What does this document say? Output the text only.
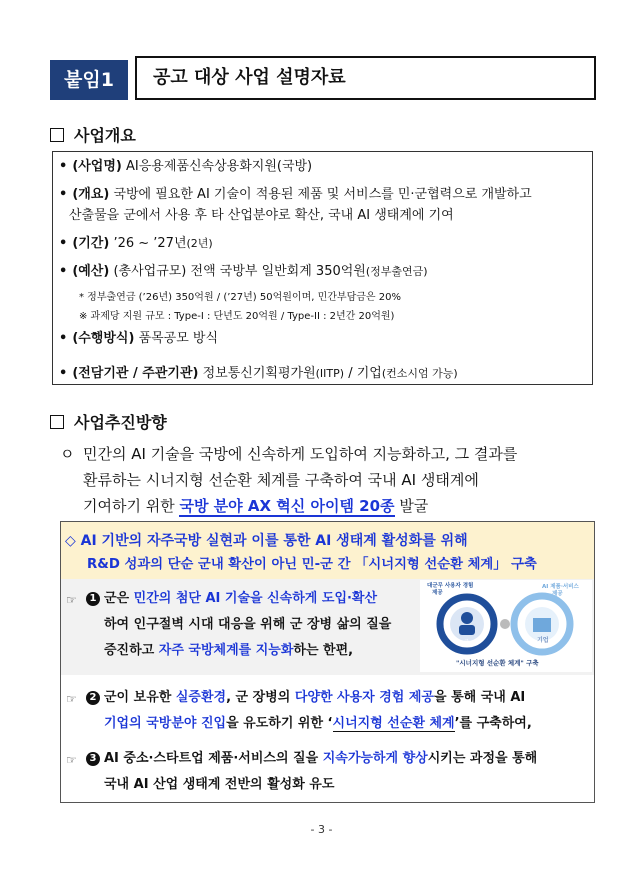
붙임1	공고 대상 사업 설명자료
사업개요
• (사업명) AI응용제품신속상용화지원(국방)
• (개요) 국방에 필요한 AI 기술이 적용된 제품 및 서비스를 민·군협력으로 개발하고
산출물을 군에서 사용 후 타 산업분야로 확산, 국내 AI 생태계에 기여
• (기간) ’26 ~ ’27년(2년)
• (예산) (총사업규모) 전액 국방부 일반회계 350억원(정부출연금)
* 정부출연금 (’26년) 350억원 / (’27년) 50억원이며, 민간부담금은 20%
※ 과제당 지원 규모 : Type-I : 단년도 20억원 / Type-II : 2년간 20억원)
• (수행방식) 품목공모 방식
• (전담기관 / 주관기관) 정보통신기획평가원(IITP) / 기업(컨소시엄 가능)
사업추진방향
ㅇ 민간의 AI 기술을 국방에 신속하게 도입하여 지능화하고, 그 결과를
환류하는 시너지형 선순환 체계를 구축하여 국내 AI 생태계에
기여하기 위한 국방 분야 AX 혁신 아이템 20종 발굴
◇ AI 기반의 자주국방 실현과 이를 통한 AI 생태계 활성화를 위해
R&D 성과의 단순 군내 확산이 아닌 민-군 간 「시너지형 선순환 체계」 구축
☞	1 군은 민간의 첨단 AI 기술을 신속하게 도입·확산
하여 인구절벽 시대 대응을 위해 군 장병 삶의 질을
증진하고 자주 국방체계를 지능화하는 한편,
대군무 사용자 경험
제공
AI 제품·서비스
제공
군	기업
"시너지형 선순환 체계" 구축
☞	2 군이 보유한 실증환경, 군 장병의 다양한 사용자 경험 제공을 통해 국내 AI
기업의 국방분야 진입을 유도하기 위한 ‘시너지형 선순환 체계’를 구축하여,
☞	3 AI 중소·스타트업 제품·서비스의 질을 지속가능하게 향상시키는 과정을 통해
국내 AI 산업 생태계 전반의 활성화 유도
- 3 -
